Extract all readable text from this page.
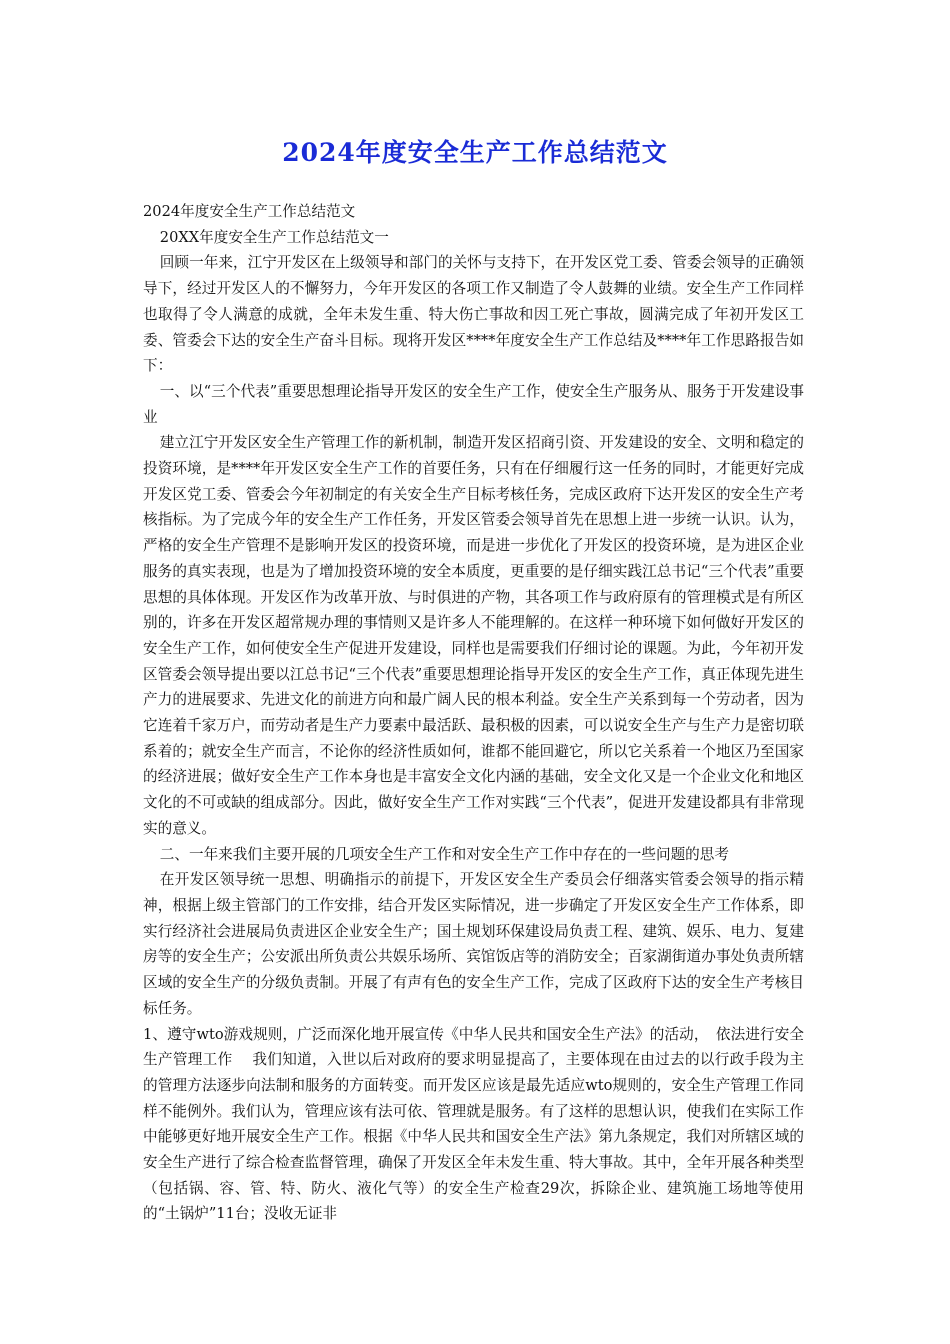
2024年度安全生产工作总结范文

2024年度安全生产工作总结范文

20XX年度安全生产工作总结范文一

回顾一年来，江宁开发区在上级领导和部门的关怀与支持下，在开发区党工委、管委会领导的正确领导下，经过开发区人的不懈努力，今年开发区的各项工作又制造了令人鼓舞的业绩。安全生产工作同样也取得了令人满意的成就，全年未发生重、特大伤亡事故和因工死亡事故，圆满完成了年初开发区工委、管委会下达的安全生产奋斗目标。现将开发区****年度安全生产工作总结及****年工作思路报告如下：

一、以“三个代表”重要思想理论指导开发区的安全生产工作，使安全生产服务从、服务于开发建设事业

建立江宁开发区安全生产管理工作的新机制，制造开发区招商引资、开发建设的安全、文明和稳定的投资环境，是****年开发区安全生产工作的首要任务，只有在仔细履行这一任务的同时，才能更好完成开发区党工委、管委会今年初制定的有关安全生产目标考核任务，完成区政府下达开发区的安全生产考核指标。为了完成今年的安全生产工作任务，开发区管委会领导首先在思想上进一步统一认识。认为，严格的安全生产管理不是影响开发区的投资环境，而是进一步优化了开发区的投资环境，是为进区企业服务的真实表现，也是为了增加投资环境的安全本质度，更重要的是仔细实践江总书记“三个代表”重要思想的具体体现。开发区作为改革开放、与时俱进的产物，其各项工作与政府原有的管理模式是有所区别的，许多在开发区超常规办理的事情则又是许多人不能理解的。在这样一种环境下如何做好开发区的安全生产工作，如何使安全生产促进开发建设，同样也是需要我们仔细讨论的课题。为此，今年初开发区管委会领导提出要以江总书记“三个代表”重要思想理论指导开发区的安全生产工作，真正体现先进生产力的进展要求、先进文化的前进方向和最广阔人民的根本利益。安全生产关系到每一个劳动者，因为它连着千家万户，而劳动者是生产力要素中最活跃、最积极的因素，可以说安全生产与生产力是密切联系着的；就安全生产而言，不论你的经济性质如何，谁都不能回避它，所以它关系着一个地区乃至国家的经济进展；做好安全生产工作本身也是丰富安全文化内涵的基础，安全文化又是一个企业文化和地区文化的不可或缺的组成部分。因此，做好安全生产工作对实践“三个代表”，促进开发建设都具有非常现实的意义。

二、一年来我们主要开展的几项安全生产工作和对安全生产工作中存在的一些问题的思考

在开发区领导统一思想、明确指示的前提下，开发区安全生产委员会仔细落实管委会领导的指示精神，根据上级主管部门的工作安排，结合开发区实际情况，进一步确定了开发区安全生产工作体系，即实行经济社会进展局负责进区企业安全生产；国土规划环保建设局负责工程、建筑、娱乐、电力、复建房等的安全生产；公安派出所负责公共娱乐场所、宾馆饭店等的消防安全；百家湖街道办事处负责所辖区域的安全生产的分级负责制。开展了有声有色的安全生产工作，完成了区政府下达的安全生产考核目标任务。

1、遵守wto游戏规则，广泛而深化地开展宣传《中华人民共和国安全生产法》的活动，　依法进行安全生产管理工作　 我们知道，入世以后对政府的要求明显提高了，主要体现在由过去的以行政手段为主的管理方法逐步向法制和服务的方面转变。而开发区应该是最先适应wto规则的，安全生产管理工作同样不能例外。我们认为，管理应该有法可依、管理就是服务。有了这样的思想认识，使我们在实际工作中能够更好地开展安全生产工作。根据《中华人民共和国安全生产法》第九条规定，我们对所辖区域的安全生产进行了综合检查监督管理，确保了开发区全年未发生重、特大事故。其中，全年开展各种类型（包括锅、容、管、特、防火、液化气等）的安全生产检查29次，拆除企业、建筑施工场地等使用的“土锅炉”11台；没收无证非
